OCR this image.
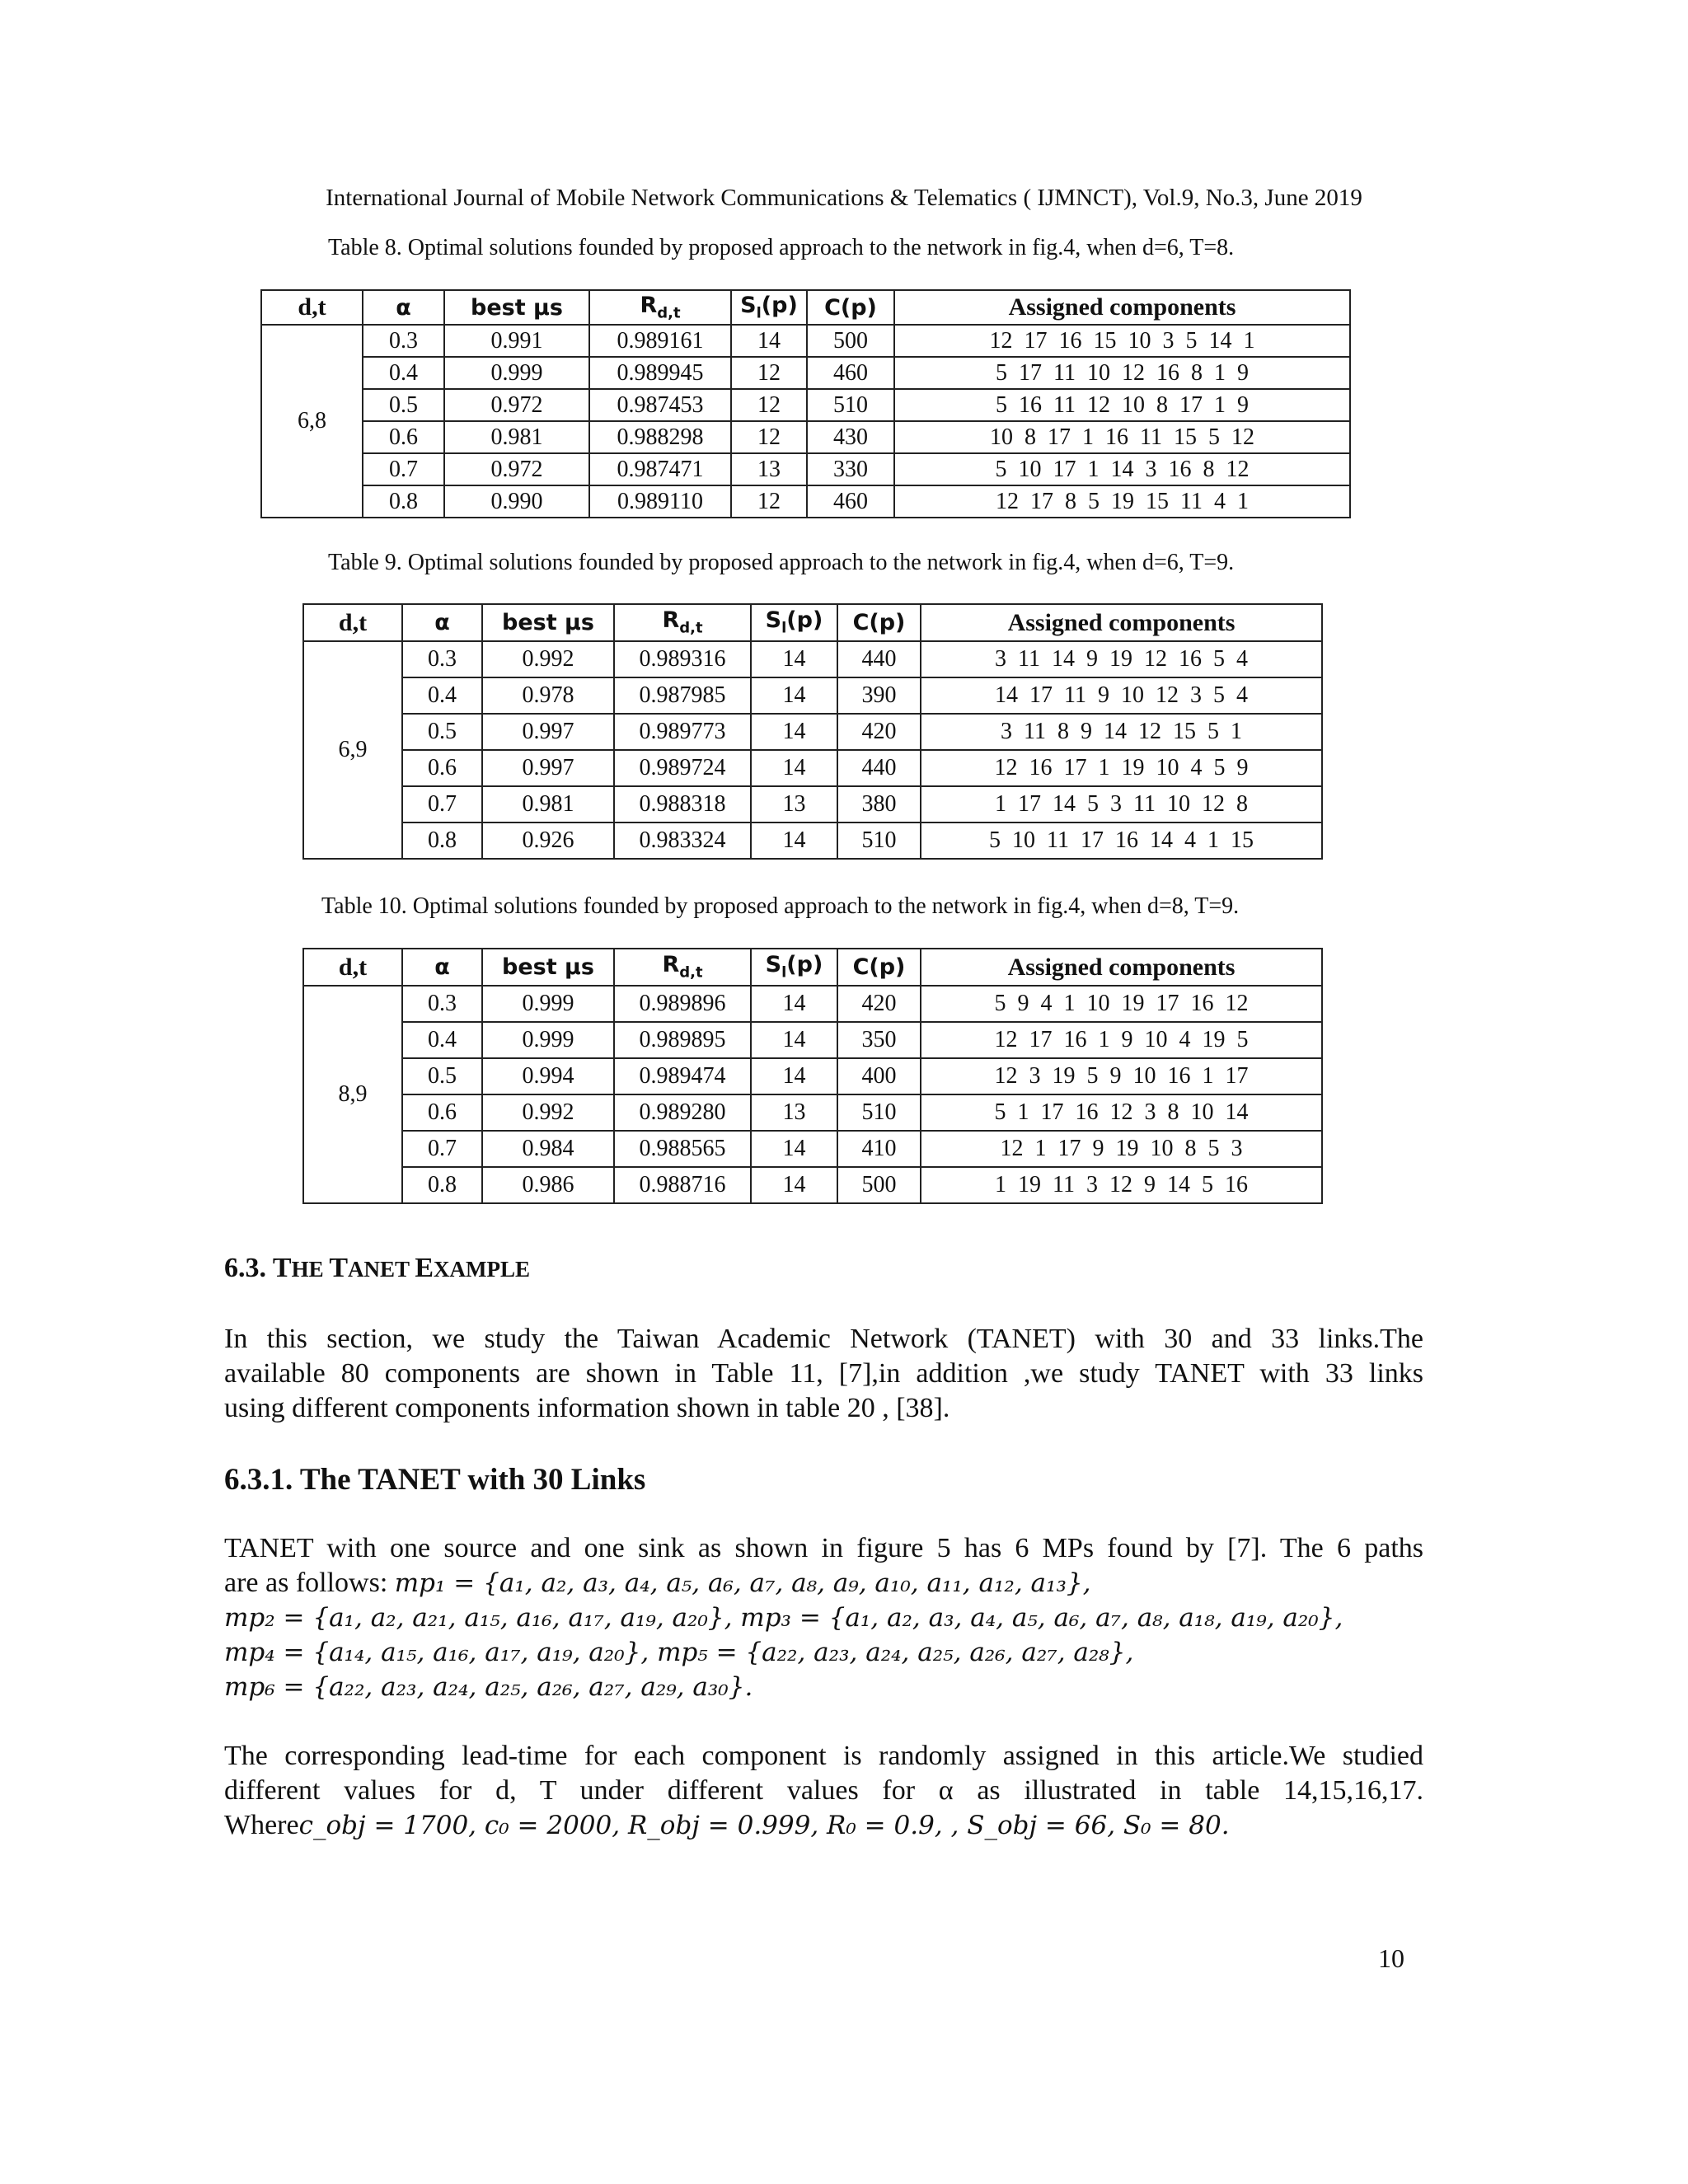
International Journal of Mobile Network Communications & Telematics ( IJMNCT), Vol.9, No.3, June 2019
Table 8. Optimal solutions founded by proposed approach to the network in fig.4, when d=6, T=8.
d,t	α	best μs	$R_{d,t}$	$S_l(p)$	C(p)	Assigned components
6,8	0.3	0.991	0.989161	14	500	12  17  16  15  10  3  5  14  1
	0.4	0.999	0.989945	12	460	5  17  11  10  12  16  8  1  9
	0.5	0.972	0.987453	12	510	5  16  11  12  10  8  17  1  9
	0.6	0.981	0.988298	12	430	10  8  17  1  16  11  15  5  12
	0.7	0.972	0.987471	13	330	5  10  17  1  14  3  16  8  12
	0.8	0.990	0.989110	12	460	12  17  8  5  19  15  11  4  1
Table 9. Optimal solutions founded by proposed approach to the network in fig.4, when d=6, T=9.
d,t	α	best μs	$R_{d,t}$	$S_l(p)$	C(p)	Assigned components
6,9	0.3	0.992	0.989316	14	440	3  11  14  9  19  12  16  5  4
	0.4	0.978	0.987985	14	390	14  17  11  9  10  12  3  5  4
	0.5	0.997	0.989773	14	420	3  11  8  9  14  12  15  5  1
	0.6	0.997	0.989724	14	440	12  16  17  1  19  10  4  5  9
	0.7	0.981	0.988318	13	380	1  17  14  5  3  11  10  12  8
	0.8	0.926	0.983324	14	510	5  10  11  17  16  14  4  1  15
Table 10. Optimal solutions founded by proposed approach to the network in fig.4, when d=8, T=9.
d,t	α	best μs	$R_{d,t}$	$S_l(p)$	C(p)	Assigned components
8,9	0.3	0.999	0.989896	14	420	5  9  4  1  10  19  17  16  12
	0.4	0.999	0.989895	14	350	12  17  16  1  9  10  4  19  5
	0.5	0.994	0.989474	14	400	12  3  19  5  9  10  16  1  17
	0.6	0.992	0.989280	13	510	5  1  17  16  12  3  8  10  14
	0.7	0.984	0.988565	14	410	12  1  17  9  19  10  8  5  3
	0.8	0.986	0.988716	14	500	1  19  11  3  12  9  14  5  16
6.3. THE TANET EXAMPLE
In this section, we study the Taiwan Academic Network (TANET) with 30 and 33 links.The
available 80 components are shown in Table 11, [7],in addition ,we study TANET with 33 links
using different components information shown in table 20 , [38].
6.3.1. The TANET with 30 Links
TANET with one source and one sink as shown in figure 5 has 6 MPs found by [7]. The 6 paths
are as follows: mp₁ = {a₁, a₂, a₃, a₄, a₅, a₆, a₇, a₈, a₉, a₁₀, a₁₁, a₁₂, a₁₃},
mp₂ = {a₁, a₂, a₂₁, a₁₅, a₁₆, a₁₇, a₁₉, a₂₀}, mp₃ = {a₁, a₂, a₃, a₄, a₅, a₆, a₇, a₈, a₁₈, a₁₉, a₂₀},
mp₄ = {a₁₄, a₁₅, a₁₆, a₁₇, a₁₉, a₂₀}, mp₅ = {a₂₂, a₂₃, a₂₄, a₂₅, a₂₆, a₂₇, a₂₈},
mp₆ = {a₂₂, a₂₃, a₂₄, a₂₅, a₂₆, a₂₇, a₂₉, a₃₀}.
The corresponding lead-time for each component is randomly assigned in this article.We studied
different values for d, T under different values for α as illustrated in table 14,15,16,17.
Wherec_obj = 1700, c₀ = 2000, R_obj = 0.999, R₀ = 0.9, , S_obj = 66, S₀ = 80.
10
